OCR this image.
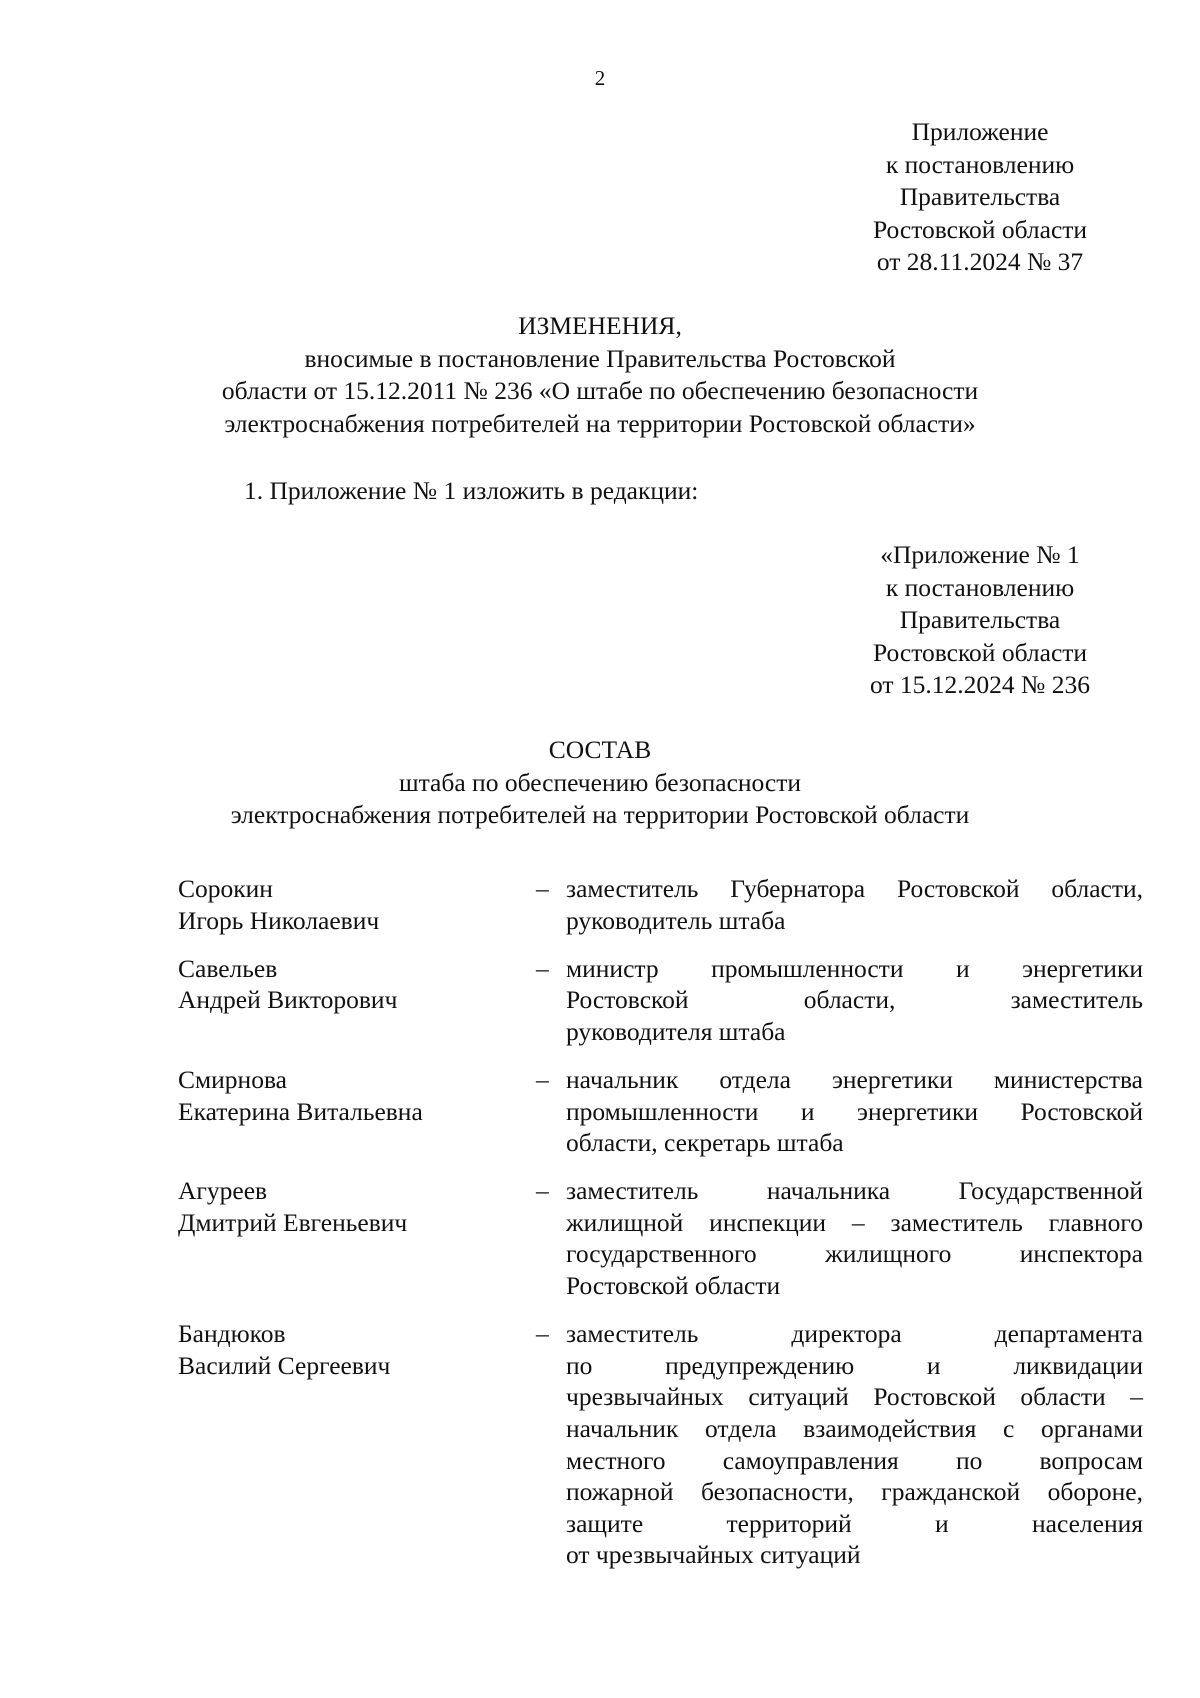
2
Приложение
к постановлению
Правительства
Ростовской области
от 28.11.2024 № 37
ИЗМЕНЕНИЯ,
вносимые в постановление Правительства Ростовской
области от 15.12.2011 № 236 «О штабе по обеспечению безопасности
электроснабжения потребителей на территории Ростовской области»
1. Приложение № 1 изложить в редакции:
«Приложение № 1
к постановлению
Правительства
Ростовской области
от 15.12.2024 № 236
СОСТАВ
штаба по обеспечению безопасности
электроснабжения потребителей на территории Ростовской области
Сорокин
Игорь Николаевич
– заместитель Губернатора Ростовской области,
руководитель штаба
Савельев
Андрей Викторович
– министр промышленности и энергетики
Ростовской области, заместитель
руководителя штаба
Смирнова
Екатерина Витальевна
– начальник отдела энергетики министерства
промышленности и энергетики Ростовской
области, секретарь штаба
Агуреев
Дмитрий Евгеньевич
– заместитель начальника Государственной
жилищной инспекции – заместитель главного
государственного жилищного инспектора
Ростовской области
Бандюков
Василий Сергеевич
– заместитель директора департамента
по предупреждению и ликвидации
чрезвычайных ситуаций Ростовской области –
начальник отдела взаимодействия с органами
местного самоуправления по вопросам
пожарной безопасности, гражданской обороне,
защите территорий и населения
от чрезвычайных ситуаций
